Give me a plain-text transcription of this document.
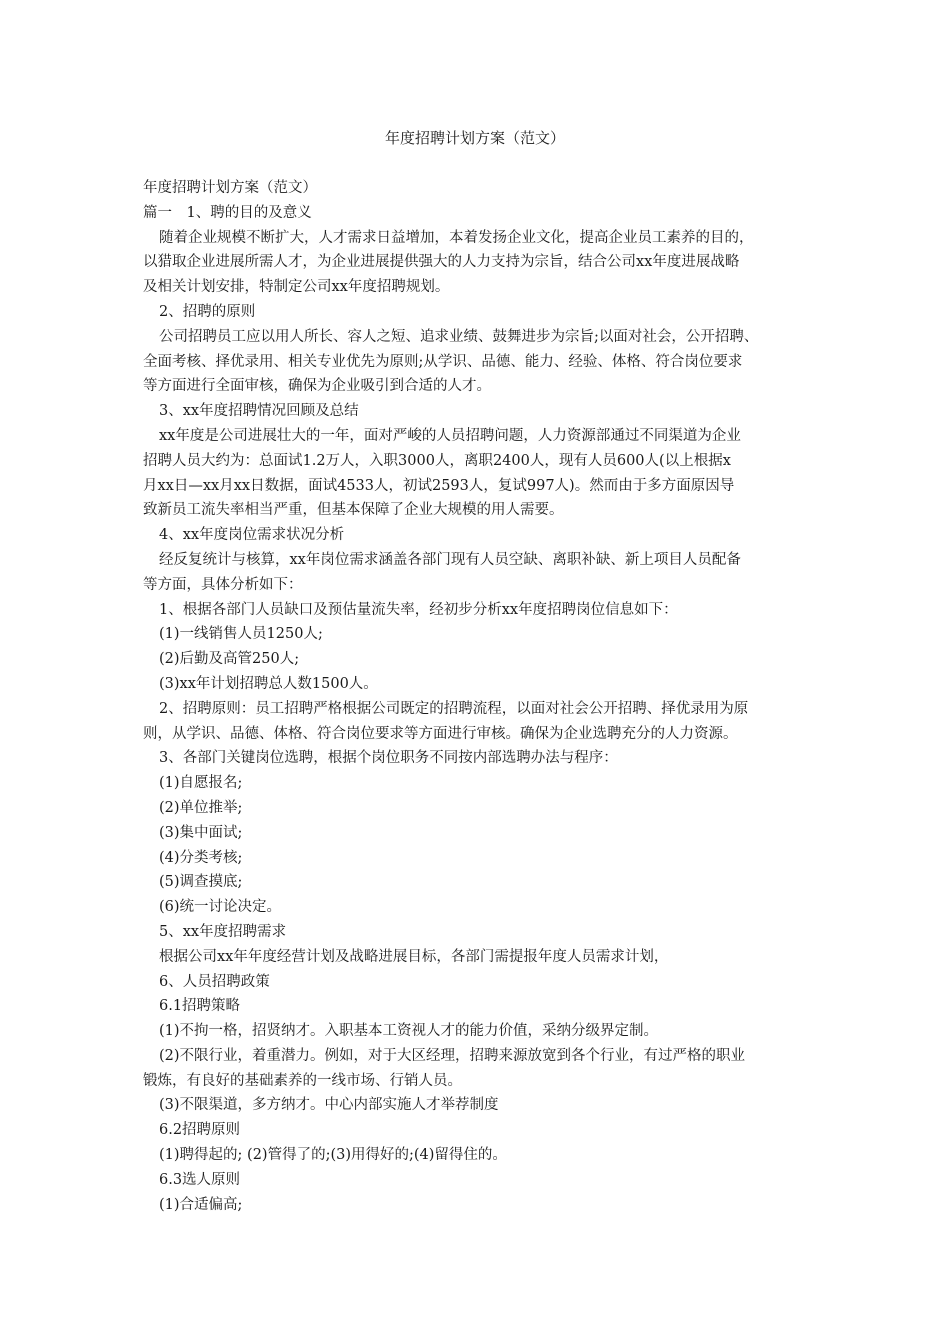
年度招聘计划方案（范文）
年度招聘计划方案（范文）
篇一　1、聘的目的及意义
随着企业规模不断扩大，人才需求日益增加，本着发扬企业文化，提高企业员工素养的目的，
以猎取企业进展所需人才，为企业进展提供强大的人力支持为宗旨，结合公司xx年度进展战略
及相关计划安排，特制定公司xx年度招聘规划。
2、招聘的原则
公司招聘员工应以用人所长、容人之短、追求业绩、鼓舞进步为宗旨;以面对社会，公开招聘、
全面考核、择优录用、相关专业优先为原则;从学识、品德、能力、经验、体格、符合岗位要求
等方面进行全面审核，确保为企业吸引到合适的人才。
3、xx年度招聘情况回顾及总结
xx年度是公司进展壮大的一年，面对严峻的人员招聘问题，人力资源部通过不同渠道为企业
招聘人员大约为：总面试1.2万人，入职3000人，离职2400人，现有人员600人(以上根据x
月xx日—xx月xx日数据，面试4533人，初试2593人，复试997人)。然而由于多方面原因导
致新员工流失率相当严重，但基本保障了企业大规模的用人需要。
4、xx年度岗位需求状况分析
经反复统计与核算，xx年岗位需求涵盖各部门现有人员空缺、离职补缺、新上项目人员配备
等方面，具体分析如下：
1、根据各部门人员缺口及预估量流失率，经初步分析xx年度招聘岗位信息如下：
(1)一线销售人员1250人;
(2)后勤及高管250人;
(3)xx年计划招聘总人数1500人。
2、招聘原则：员工招聘严格根据公司既定的招聘流程，以面对社会公开招聘、择优录用为原
则，从学识、品德、体格、符合岗位要求等方面进行审核。确保为企业选聘充分的人力资源。
3、各部门关键岗位选聘，根据个岗位职务不同按内部选聘办法与程序：
(1)自愿报名;
(2)单位推举;
(3)集中面试;
(4)分类考核;
(5)调查摸底;
(6)统一讨论决定。
5、xx年度招聘需求
根据公司xx年年度经营计划及战略进展目标，各部门需提报年度人员需求计划，
6、人员招聘政策
6.1招聘策略
(1)不拘一格，招贤纳才。入职基本工资视人才的能力价值，采纳分级界定制。
(2)不限行业，着重潜力。例如，对于大区经理，招聘来源放宽到各个行业，有过严格的职业
锻炼，有良好的基础素养的一线市场、行销人员。
(3)不限渠道，多方纳才。中心内部实施人才举荐制度
6.2招聘原则
(1)聘得起的; (2)管得了的;(3)用得好的;(4)留得住的。
6.3选人原则
(1)合适偏高;
